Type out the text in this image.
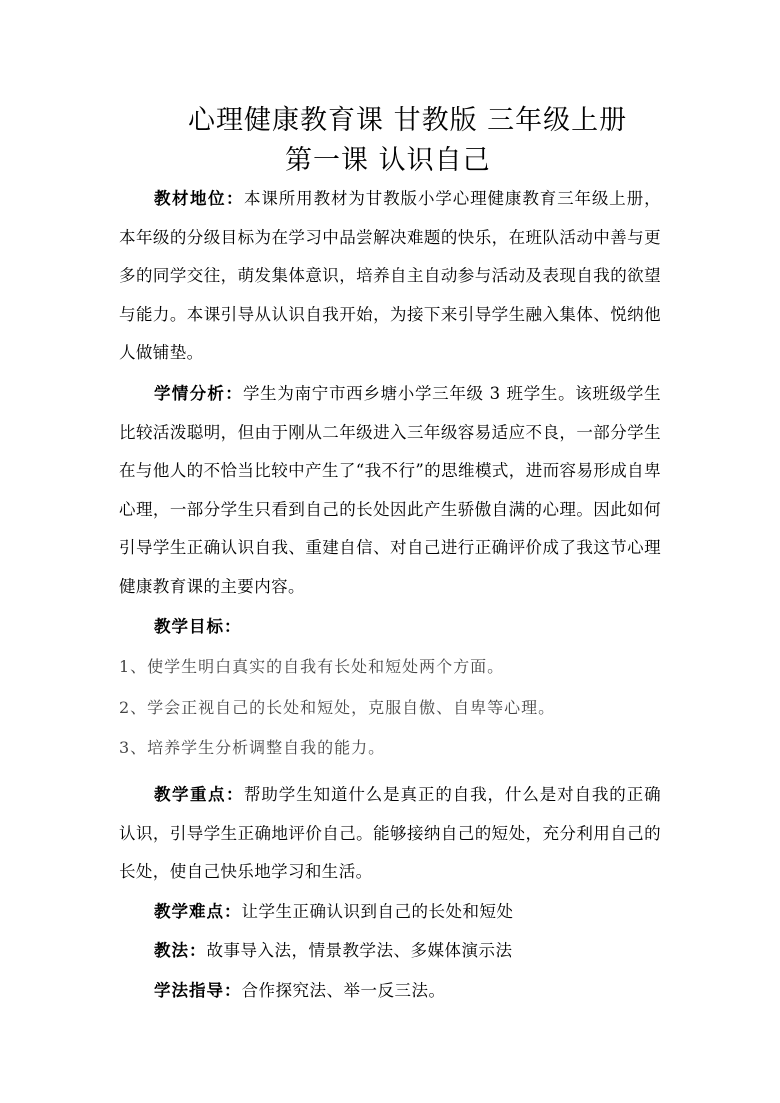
心理健康教育课 甘教版 三年级上册
第一课 认识自己

教材地位：本课所用教材为甘教版小学心理健康教育三年级上册，本年级的分级目标为在学习中品尝解决难题的快乐，在班队活动中善与更多的同学交往，萌发集体意识，培养自主自动参与活动及表现自我的欲望与能力。本课引导从认识自我开始，为接下来引导学生融入集体、悦纳他人做铺垫。

学情分析：学生为南宁市西乡塘小学三年级 3 班学生。该班级学生比较活泼聪明，但由于刚从二年级进入三年级容易适应不良，一部分学生在与他人的不恰当比较中产生了“我不行”的思维模式，进而容易形成自卑心理，一部分学生只看到自己的长处因此产生骄傲自满的心理。因此如何引导学生正确认识自我、重建自信、对自己进行正确评价成了我这节心理健康教育课的主要内容。

教学目标：

1、使学生明白真实的自我有长处和短处两个方面。

2、学会正视自己的长处和短处，克服自傲、自卑等心理。

3、培养学生分析调整自我的能力。

教学重点：帮助学生知道什么是真正的自我，什么是对自我的正确认识，引导学生正确地评价自己。能够接纳自己的短处，充分利用自己的长处，使自己快乐地学习和生活。

教学难点：让学生正确认识到自己的长处和短处

教法：故事导入法，情景教学法、多媒体演示法

学法指导：合作探究法、举一反三法。
